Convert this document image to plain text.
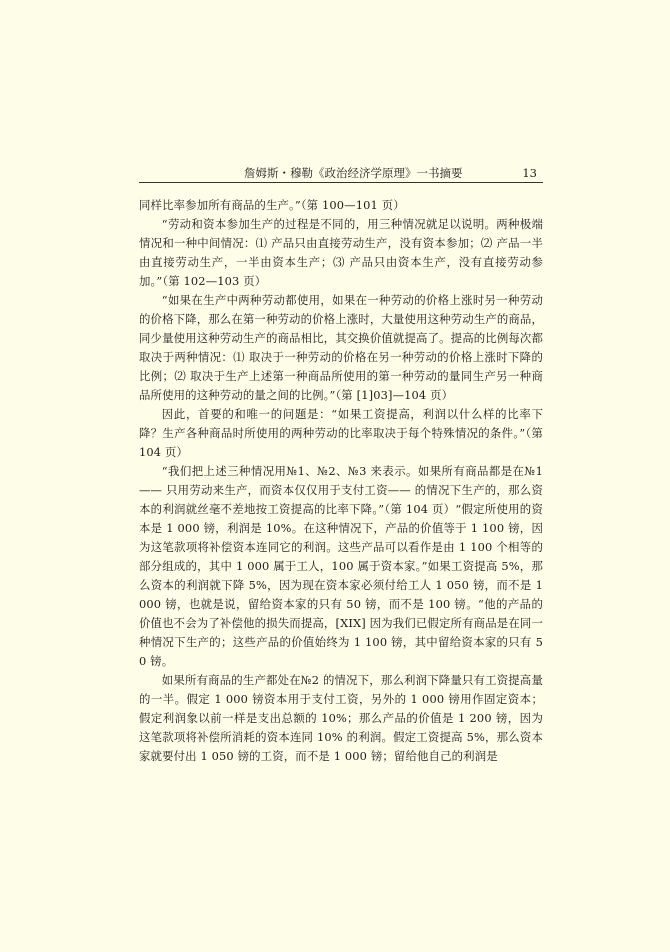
詹姆斯・穆勒《政治经济学原理》一书摘要	13

同样比率参加所有商品的生产。”（第 100—101 页）

“劳动和资本参加生产的过程是不同的，用三种情况就足以说明。两种极端情况和一种中间情况：⑴ 产品只由直接劳动生产，没有资本参加；⑵ 产品一半由直接劳动生产，一半由资本生产；⑶ 产品只由资本生产，没有直接劳动参加。”（第 102—103 页）

“如果在生产中两种劳动都使用，如果在一种劳动的价格上涨时另一种劳动的价格下降，那么在第一种劳动的价格上涨时，大量使用这种劳动生产的商品，同少量使用这种劳动生产的商品相比，其交换价值就提高了。提高的比例每次都取决于两种情况：⑴ 取决于一种劳动的价格在另一种劳动的价格上涨时下降的比例；⑵ 取决于生产上述第一种商品所使用的第一种劳动的量同生产另一种商品所使用的这种劳动的量之间的比例。”（第 [1]03]—104 页）

因此，首要的和唯一的问题是：“如果工资提高，利润以什么样的比率下降？生产各种商品时所使用的两种劳动的比率取决于每个特殊情况的条件。”（第 104 页）

“我们把上述三种情况用№1、№2、№3 来表示。如果所有商品都是在№1—— 只用劳动来生产，而资本仅仅用于支付工资—— 的情况下生产的，那么资本的利润就丝毫不差地按工资提高的比率下降。”（第 104 页）“假定所使用的资本是 1 000 镑，利润是 10%。在这种情况下，产品的价值等于 1 100 镑，因为这笔款项将补偿资本连同它的利润。这些产品可以看作是由 1 100 个相等的部分组成的，其中 1 000 属于工人，100 属于资本家。”如果工资提高 5%，那么资本的利润就下降 5%，因为现在资本家必须付给工人 1 050 镑，而不是 1 000 镑，也就是说，留给资本家的只有 50 镑，而不是 100 镑。“他的产品的价值也不会为了补偿他的损失而提高，[XIX] 因为我们已假定所有商品是在同一种情况下生产的；这些产品的价值始终为 1 100 镑，其中留给资本家的只有 50 镑。

如果所有商品的生产都处在№2 的情况下，那么利润下降量只有工资提高量的一半。假定 1 000 镑资本用于支付工资，另外的 1 000 镑用作固定资本；假定利润象以前一样是支出总额的 10%；那么产品的价值是 1 200 镑，因为这笔款项将补偿所消耗的资本连同 10% 的利润。假定工资提高 5%，那么资本家就要付出 1 050 镑的工资，而不是 1 000 镑；留给他自己的利润是
